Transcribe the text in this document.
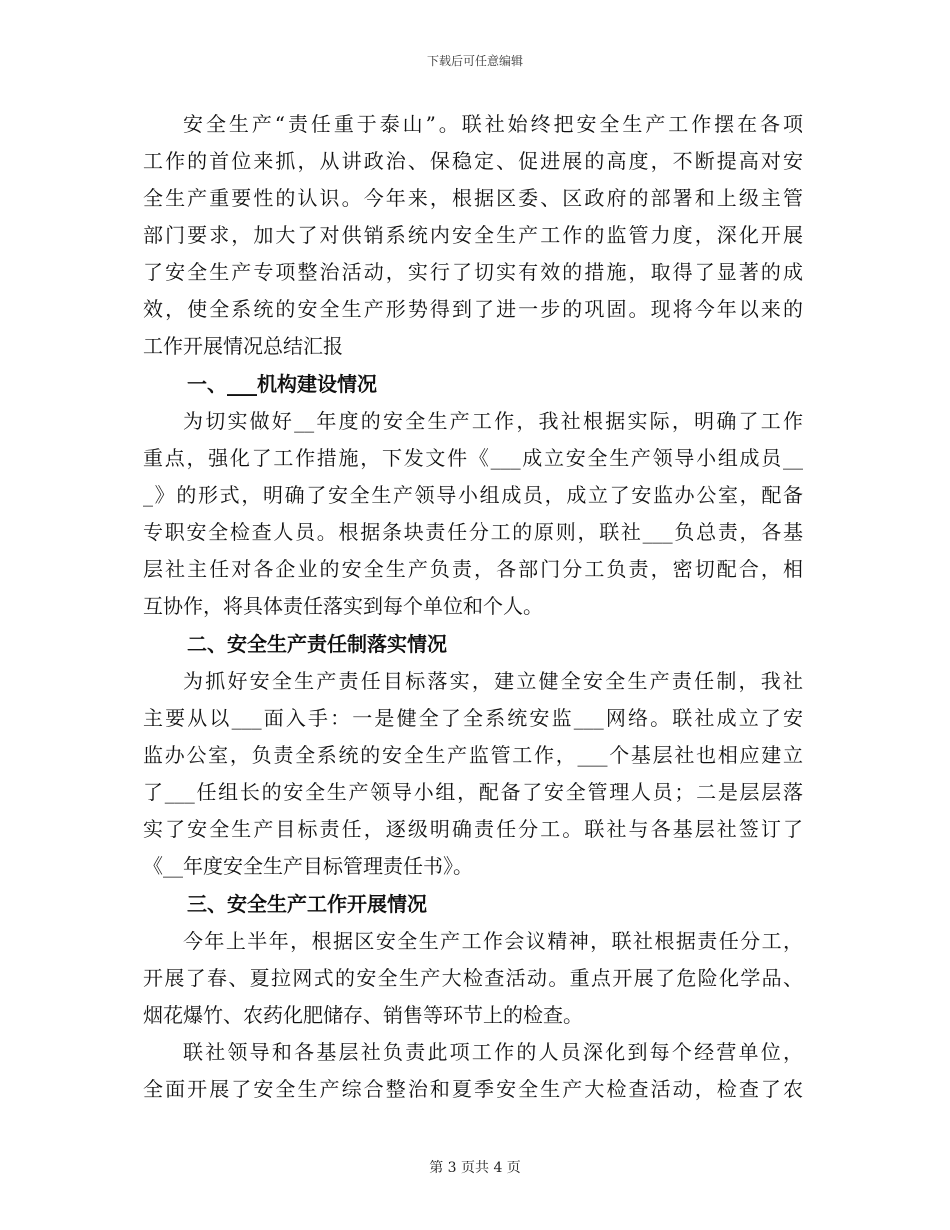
下载后可任意编辑

安全生产“责任重于泰山”。联社始终把安全生产工作摆在各项
工作的首位来抓，从讲政治、保稳定、促进展的高度，不断提高对安
全生产重要性的认识。今年来，根据区委、区政府的部署和上级主管
部门要求，加大了对供销系统内安全生产工作的监管力度，深化开展
了安全生产专项整治活动，实行了切实有效的措施，取得了显著的成
效，使全系统的安全生产形势得到了进一步的巩固。现将今年以来的
工作开展情况总结汇报

一、___机构建设情况

为切实做好__年度的安全生产工作，我社根据实际，明确了工作
重点，强化了工作措施，下发文件《___成立安全生产领导小组成员__
_》的形式，明确了安全生产领导小组成员，成立了安监办公室，配备
专职安全检查人员。根据条块责任分工的原则，联社___负总责，各基
层社主任对各企业的安全生产负责，各部门分工负责，密切配合，相
互协作，将具体责任落实到每个单位和个人。

二、安全生产责任制落实情况

为抓好安全生产责任目标落实，建立健全安全生产责任制，我社
主要从以___面入手：一是健全了全系统安监___网络。联社成立了安
监办公室，负责全系统的安全生产监管工作，___个基层社也相应建立
了___任组长的安全生产领导小组，配备了安全管理人员；二是层层落
实了安全生产目标责任，逐级明确责任分工。联社与各基层社签订了
《__年度安全生产目标管理责任书》。

三、安全生产工作开展情况

今年上半年，根据区安全生产工作会议精神，联社根据责任分工，
开展了春、夏拉网式的安全生产大检查活动。重点开展了危险化学品、
烟花爆竹、农药化肥储存、销售等环节上的检查。

联社领导和各基层社负责此项工作的人员深化到每个经营单位，
全面开展了安全生产综合整治和夏季安全生产大检查活动，检查了农

第 3 页共 4 页
